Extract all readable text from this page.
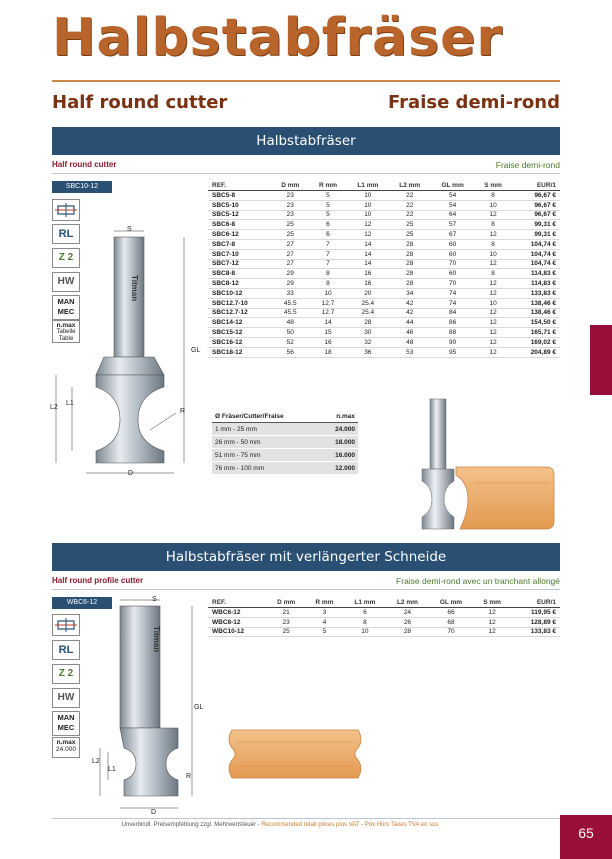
Halbstabfräser
Half round cutter	Fraise demi-rond
Halbstabfräser
Half round cutter	Fraise demi-rond
SBC10-12
RL
Z 2
HW
MAN
MEC
n.max
Tabelle
Table
Titman
S
GL
L1
L2
R
D
REF.	D mm	R mm	L1 mm	L2 mm	GL mm	S mm	EUR/1
SBC5-8	23	5	10	22	54	8	96,67 €
SBC5-10	23	5	10	22	54	10	96,67 €
SBC5-12	23	5	10	22	64	12	96,67 €
SBC6-8	25	6	12	25	57	8	99,31 €
SBC6-12	25	6	12	25	67	12	99,31 €
SBC7-8	27	7	14	28	60	8	104,74 €
SBC7-10	27	7	14	28	60	10	104,74 €
SBC7-12	27	7	14	28	70	12	104,74 €
SBC8-8	29	8	16	28	60	8	114,83 €
SBC8-12	29	8	16	28	70	12	114,83 €
SBC10-12	33	10	20	34	74	12	133,83 €
SBC12.7-10	45.5	12.7	25.4	42	74	10	138,46 €
SBC12.7-12	45.5	12.7	25.4	42	84	12	138,46 €
SBC14-12	48	14	28	44	86	12	154,50 €
SBC15-12	50	15	30	46	88	12	165,71 €
SBC16-12	52	16	32	48	90	12	169,02 €
SBC18-12	56	18	36	53	95	12	204,89 €
Ø Fräser/Cutter/Fraise	n.max
1 mm - 25 mm	24.000
26 mm - 50 mm	18.000
51 mm - 75 mm	16.000
76 mm - 100 mm	12.000
Halbstabfräser mit verlängerter Schneide
Half round profile cutter	Fraise demi-rond avec un tranchant allongé
WBC6-12
RL
Z 2
HW
MAN
MEC
n.max
24.000
Titman
S
GL
L1
L2
R
D
REF.	D mm	R mm	L1 mm	L2 mm	GL mm	S mm	EUR/1
WBC6-12	21	3	6	24	66	12	119,95 €
WBC8-12	23	4	8	26	68	12	128,89 €
WBC10-12	25	5	10	28	70	12	133,83 €
Unverbindl. Preisempfehlung zzgl. Mehrwertsteuer - Recommended retail prices plus VAT - Prix Hors Taxes TVA en sus	65
